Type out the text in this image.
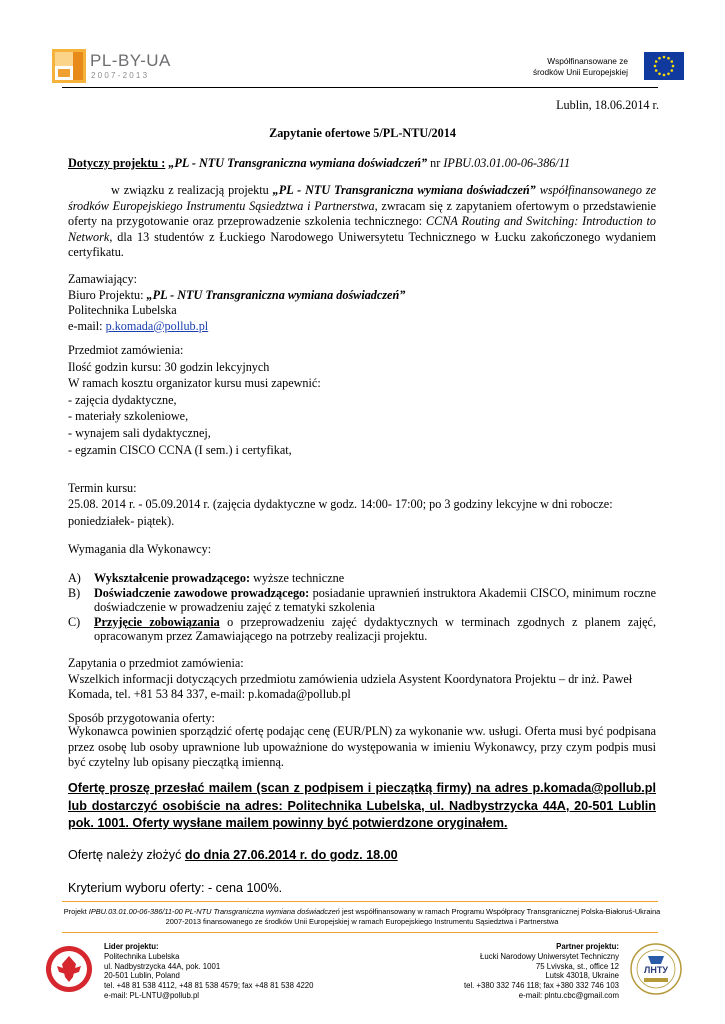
PL-BY-UA
2 0 0 7 - 2 0 1 3
Współfinansowane ze
środków Unii Europejskiej
Lublin, 18.06.2014 r.
Zapytanie ofertowe 5/PL-NTU/2014
Dotyczy projektu : „PL - NTU Transgraniczna wymiana doświadczeń” nr IPBU.03.01.00-06-386/11
w związku z realizacją projektu „PL - NTU Transgraniczna wymiana doświadczeń” współfinansowanego ze środków Europejskiego Instrumentu Sąsiedztwa i Partnerstwa, zwracam się z zapytaniem ofertowym o przedstawienie oferty na przygotowanie oraz przeprowadzenie szkolenia technicznego: CCNA Routing and Switching: Introduction to Network, dla 13 studentów z Łuckiego Narodowego Uniwersytetu Technicznego w Łucku zakończonego wydaniem certyfikatu.
Zamawiający:
Biuro Projektu: „PL - NTU Transgraniczna wymiana doświadczeń”
Politechnika Lubelska
e-mail: p.komada@pollub.pl
Przedmiot zamówienia:
Ilość godzin kursu: 30 godzin lekcyjnych
W ramach kosztu organizator kursu musi zapewnić:
- zajęcia dydaktyczne,
- materiały szkoleniowe,
- wynajem sali dydaktycznej,
- egzamin CISCO CCNA (I sem.) i certyfikat,
Termin kursu:
25.08. 2014 r. - 05.09.2014 r. (zajęcia dydaktyczne w godz. 14:00- 17:00; po 3 godziny lekcyjne w dni robocze:
poniedziałek- piątek).
Wymagania dla Wykonawcy:
A) Wykształcenie prowadzącego: wyższe techniczne
B) Doświadczenie zawodowe prowadzącego: posiadanie uprawnień instruktora Akademii CISCO, minimum roczne doświadczenie w prowadzeniu zajęć z tematyki szkolenia
C) Przyjęcie zobowiązania o przeprowadzeniu zajęć dydaktycznych w terminach zgodnych z planem zajęć, opracowanym przez Zamawiającego na potrzeby realizacji projektu.
Zapytania o przedmiot zamówienia:
Wszelkich informacji dotyczących przedmiotu zamówienia udziela Asystent Koordynatora Projektu – dr inż. Paweł
Komada, tel. +81 53 84 337, e-mail: p.komada@pollub.pl
Sposób przygotowania oferty:
Wykonawca powinien sporządzić ofertę podając cenę (EUR/PLN) za wykonanie ww. usługi. Oferta musi być podpisana przez osobę lub osoby uprawnione lub upoważnione do występowania w imieniu Wykonawcy, przy czym podpis musi być czytelny lub opisany pieczątką imienną.
Ofertę proszę przesłać mailem (scan z podpisem i pieczątką firmy) na adres p.komada@pollub.pl lub dostarczyć osobiście na adres: Politechnika Lubelska, ul. Nadbystrzycka 44A, 20-501 Lublin pok. 1001. Oferty wysłane mailem powinny być potwierdzone oryginałem.
Ofertę należy złożyć do dnia 27.06.2014 r. do godz. 18.00
Kryterium wyboru oferty: - cena 100%.
Projekt IPBU.03.01.00-06-386/11-00 PL-NTU Transgraniczna wymiana doświadczeń jest współfinansowany w ramach Programu Współpracy Transgranicznej Polska-Białoruś-Ukraina 2007-2013 finansowanego ze środków Unii Europejskiej w ramach Europejskiego Instrumentu Sąsiedztwa i Partnerstwa
Lider projektu:
Politechnika Lubelska
ul. Nadbystrzycka 44A, pok. 1001
20-501 Lublin, Poland
tel. +48 81 538 4112, +48 81 538 4579; fax +48 81 538 4220
e-mail: PL-LNTU@pollub.pl
Partner projektu:
Łucki Narodowy Uniwersytet Techniczny
75 Lvivska, st., office 12
Lutsk 43018, Ukraine
tel. +380 332 746 118; fax +380 332 746 103
e-mail: plntu.cbc@gmail.com
ЛНТУ
